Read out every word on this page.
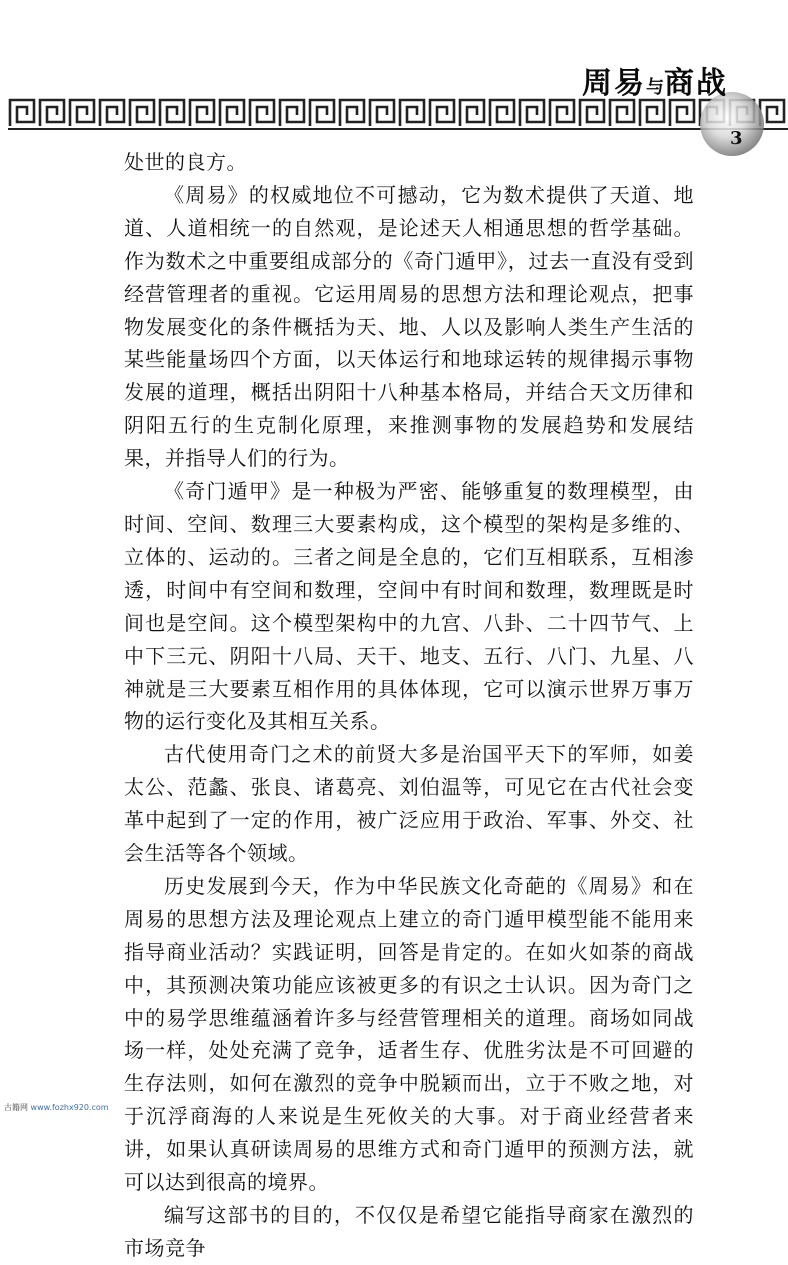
周易与商战
3

处世的良方。

《周易》的权威地位不可撼动，它为数术提供了天道、地道、人道相统一的自然观，是论述天人相通思想的哲学基础。作为数术之中重要组成部分的《奇门遁甲》，过去一直没有受到经营管理者的重视。它运用周易的思想方法和理论观点，把事物发展变化的条件概括为天、地、人以及影响人类生产生活的某些能量场四个方面，以天体运行和地球运转的规律揭示事物发展的道理，概括出阴阳十八种基本格局，并结合天文历律和阴阳五行的生克制化原理，来推测事物的发展趋势和发展结果，并指导人们的行为。

《奇门遁甲》是一种极为严密、能够重复的数理模型，由时间、空间、数理三大要素构成，这个模型的架构是多维的、立体的、运动的。三者之间是全息的，它们互相联系，互相渗透，时间中有空间和数理，空间中有时间和数理，数理既是时间也是空间。这个模型架构中的九宫、八卦、二十四节气、上中下三元、阴阳十八局、天干、地支、五行、八门、九星、八神就是三大要素互相作用的具体体现，它可以演示世界万事万物的运行变化及其相互关系。

古代使用奇门之术的前贤大多是治国平天下的军师，如姜太公、范蠡、张良、诸葛亮、刘伯温等，可见它在古代社会变革中起到了一定的作用，被广泛应用于政治、军事、外交、社会生活等各个领域。

历史发展到今天，作为中华民族文化奇葩的《周易》和在周易的思想方法及理论观点上建立的奇门遁甲模型能不能用来指导商业活动？实践证明，回答是肯定的。在如火如荼的商战中，其预测决策功能应该被更多的有识之士认识。因为奇门之中的易学思维蕴涵着许多与经营管理相关的道理。商场如同战场一样，处处充满了竞争，适者生存、优胜劣汰是不可回避的生存法则，如何在激烈的竞争中脱颖而出，立于不败之地，对于沉浮商海的人来说是生死攸关的大事。对于商业经营者来讲，如果认真研读周易的思维方式和奇门遁甲的预测方法，就可以达到很高的境界。

编写这部书的目的，不仅仅是希望它能指导商家在激烈的市场竞争

古籍网 www.fozhx920.com
